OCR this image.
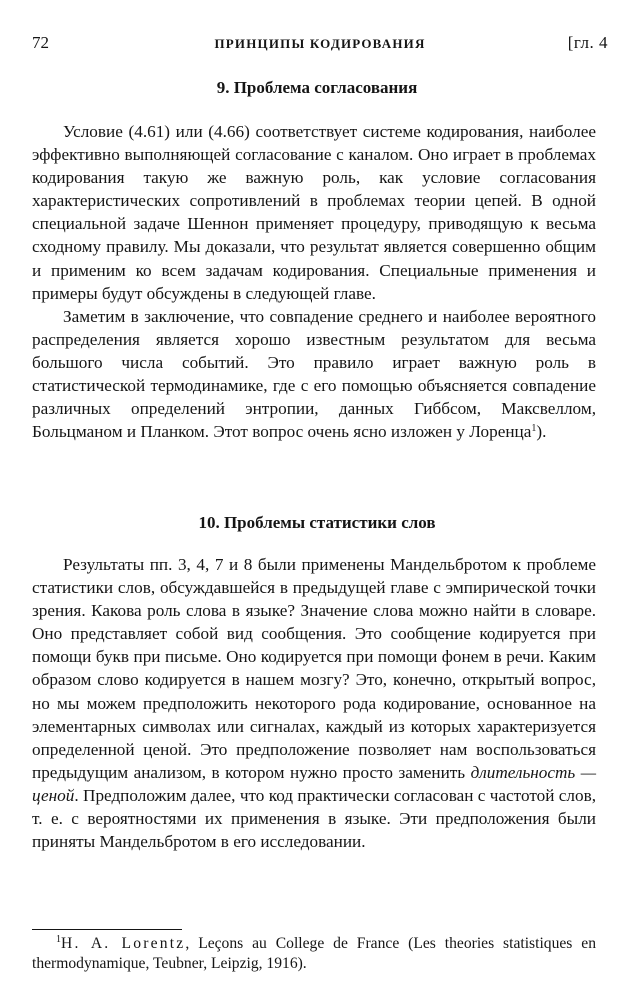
72	ПРИНЦИПЫ КОДИРОВАНИЯ	[гл. 4
9. Проблема согласования

Условие (4.61) или (4.66) соответствует системе кодирования, наиболее эффективно выполняющей согласование с каналом. Оно играет в проблемах кодирования такую же важную роль, как условие согласования характеристических сопротивлений в проблемах теории цепей. В одной специальной задаче Шеннон применяет процедуру, приводящую к весьма сходному правилу. Мы доказали, что результат является совершенно общим и применим ко всем задачам кодирования. Специальные применения и примеры будут обсуждены в следующей главе.

Заметим в заключение, что совпадение среднего и наиболее вероятного распределения является хорошо известным результатом для весьма большого числа событий. Это правило играет важную роль в статистической термодинамике, где с его помощью объясняется совпадение различных определений энтропии, данных Гиббсом, Максвеллом, Больцманом и Планком. Этот вопрос очень ясно изложен у Лоренца$^1$).

10. Проблемы статистики слов

Результаты пп. 3, 4, 7 и 8 были применены Мандельбротом к проблеме статистики слов, обсуждавшейся в предыдущей главе с эмпирической точки зрения. Какова роль слова в языке? Значение слова можно найти в словаре. Оно представляет собой вид сообщения. Это сообщение кодируется при помощи букв при письме. Оно кодируется при помощи фонем в речи. Каким образом слово кодируется в нашем мозгу? Это, конечно, открытый вопрос, но мы можем предположить некоторого рода кодирование, основанное на элементарных символах или сигналах, каждый из которых характеризуется определенной ценой. Это предположение позволяет нам воспользоваться предыдущим анализом, в котором нужно просто заменить длительность — ценой. Предположим далее, что код практически согласован с частотой слов, т. е. с вероятностями их применения в языке. Эти предположения были приняты Мандельбротом в его исследовании.

$^1$H. A. Lorentz, Leçons au College de France (Les theories statistiques en thermodynamique, Teubner, Leipzig, 1916).
